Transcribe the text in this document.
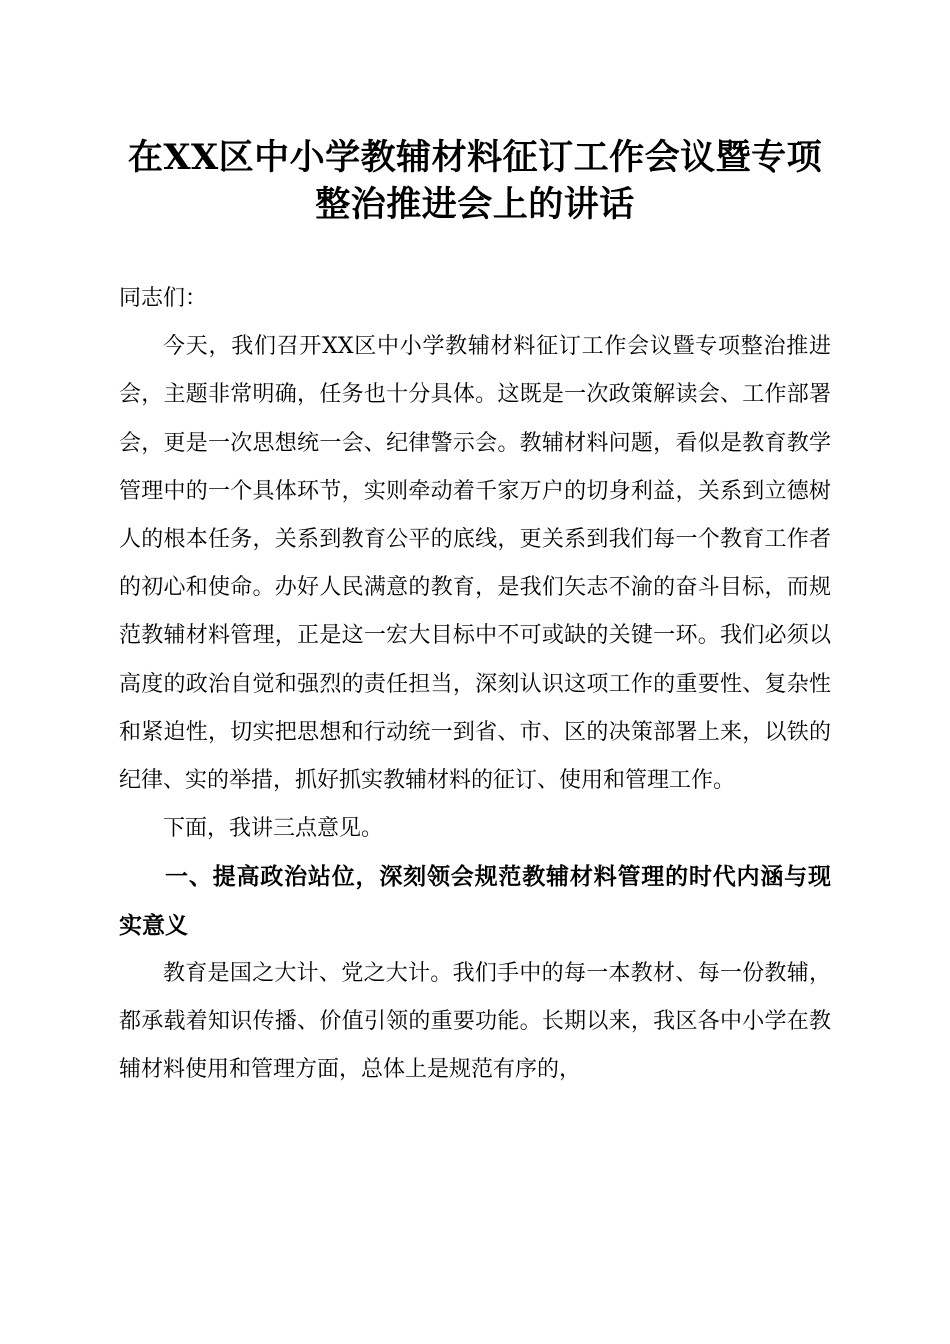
在XX区中小学教辅材料征订工作会议暨专项
整治推进会上的讲话

同志们：

今天，我们召开XX区中小学教辅材料征订工作会议暨专项整治推进会，主题非常明确，任务也十分具体。这既是一次政策解读会、工作部署会，更是一次思想统一会、纪律警示会。教辅材料问题，看似是教育教学管理中的一个具体环节，实则牵动着千家万户的切身利益，关系到立德树人的根本任务，关系到教育公平的底线，更关系到我们每一个教育工作者的初心和使命。办好人民满意的教育，是我们矢志不渝的奋斗目标，而规范教辅材料管理，正是这一宏大目标中不可或缺的关键一环。我们必须以高度的政治自觉和强烈的责任担当，深刻认识这项工作的重要性、复杂性和紧迫性，切实把思想和行动统一到省、市、区的决策部署上来，以铁的纪律、实的举措，抓好抓实教辅材料的征订、使用和管理工作。

下面，我讲三点意见。

一、提高政治站位，深刻领会规范教辅材料管理的时代内涵与现实意义

教育是国之大计、党之大计。我们手中的每一本教材、每一份教辅，都承载着知识传播、价值引领的重要功能。长期以来，我区各中小学在教辅材料使用和管理方面，总体上是规范有序的，
